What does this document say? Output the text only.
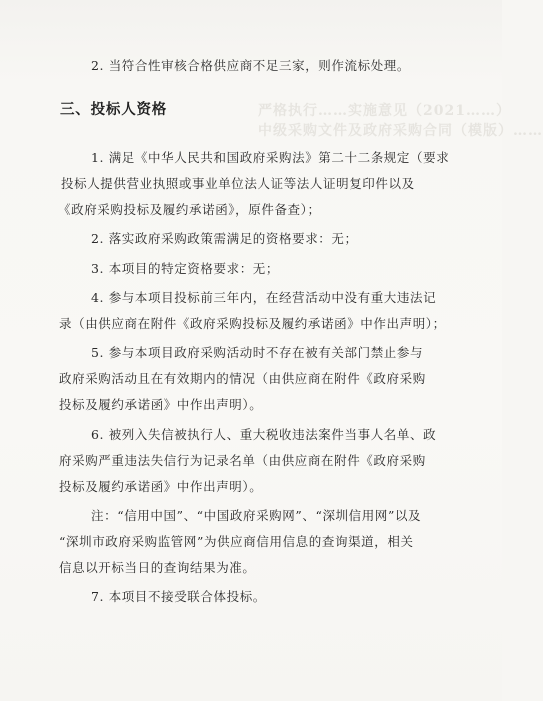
严格执行……实施意见（2021……）
中级采购文件及政府采购合同（模版）……
2. 当符合性审核合格供应商不足三家，则作流标处理。
三、投标人资格
1. 满足《中华人民共和国政府采购法》第二十二条规定（要求
投标人提供营业执照或事业单位法人证等法人证明复印件以及
《政府采购投标及履约承诺函》，原件备查）；
2. 落实政府采购政策需满足的资格要求：无；
3. 本项目的特定资格要求：无；
4. 参与本项目投标前三年内，在经营活动中没有重大违法记
录（由供应商在附件《政府采购投标及履约承诺函》中作出声明）；
5. 参与本项目政府采购活动时不存在被有关部门禁止参与
政府采购活动且在有效期内的情况（由供应商在附件《政府采购
投标及履约承诺函》中作出声明）。
6. 被列入失信被执行人、重大税收违法案件当事人名单、政
府采购严重违法失信行为记录名单（由供应商在附件《政府采购
投标及履约承诺函》中作出声明）。
注：“信用中国”、“中国政府采购网”、“深圳信用网”以及
“深圳市政府采购监管网”为供应商信用信息的查询渠道，相关
信息以开标当日的查询结果为准。
7. 本项目不接受联合体投标。
